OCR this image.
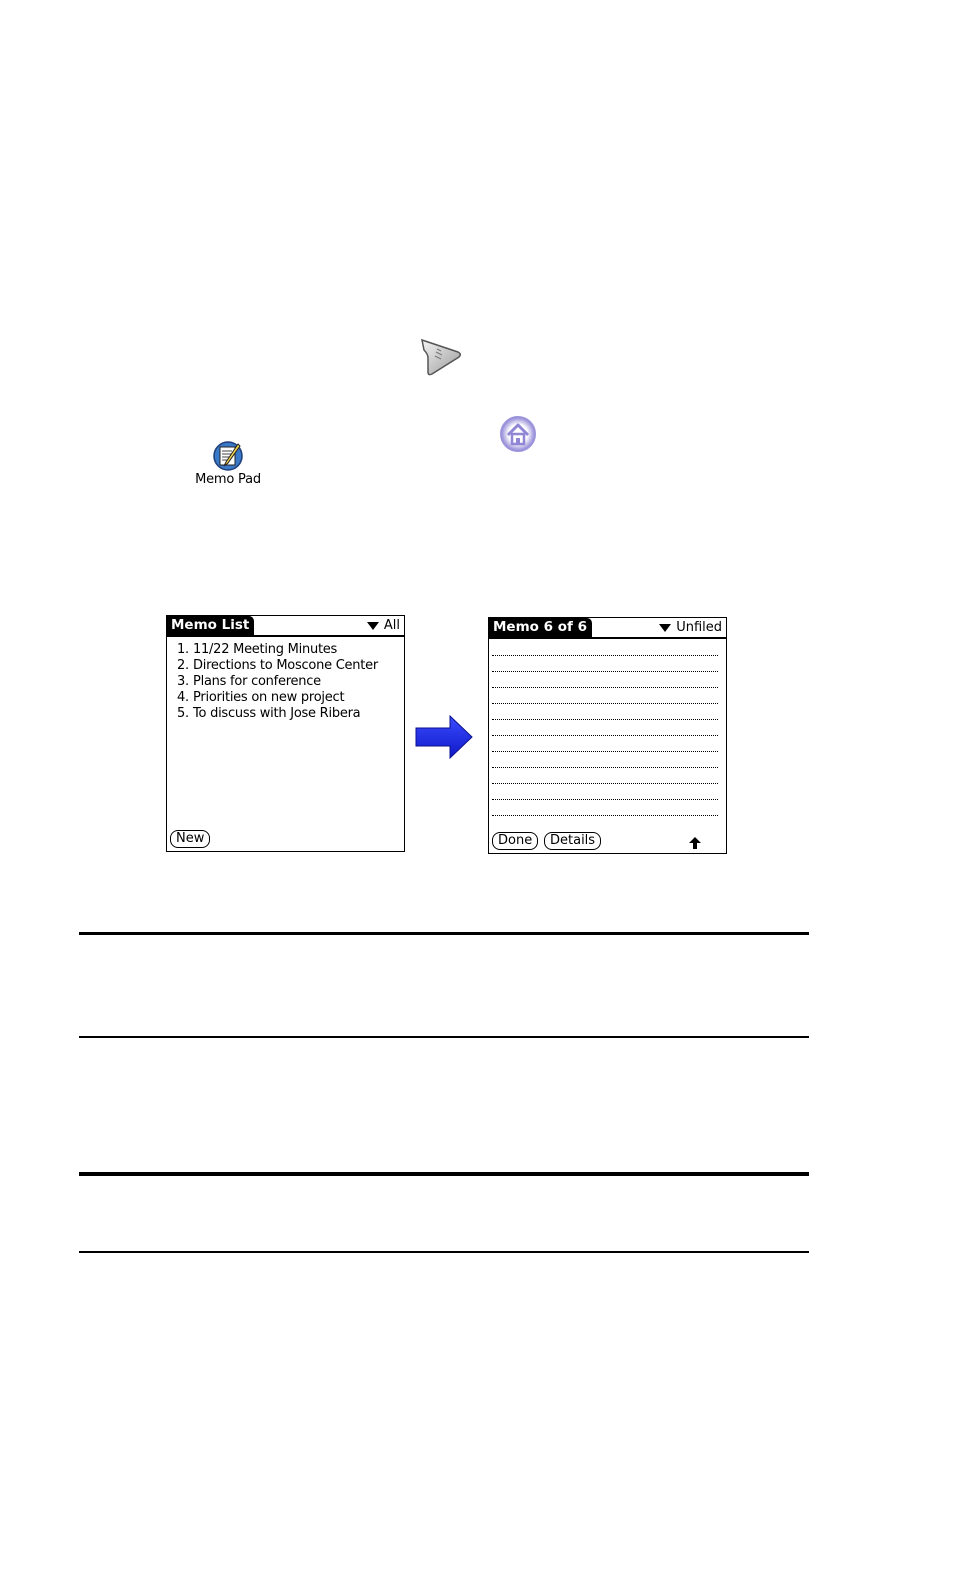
Memo Pad
Memo List	All
1. 11/22 Meeting Minutes
2. Directions to Moscone Center
3. Plans for conference
4. Priorities on new project
5. To discuss with Jose Ribera
New
Memo 6 of 6	Unfiled
Done	Details
